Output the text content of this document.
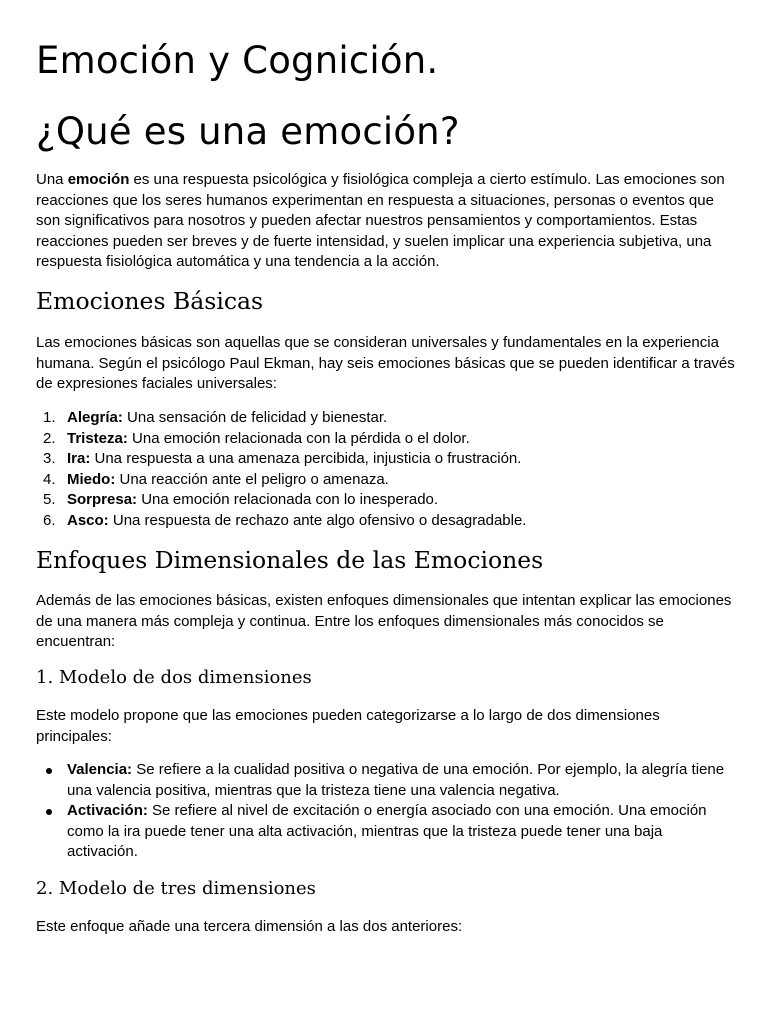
Emoción y Cognición.
¿Qué es una emoción?

Una emoción es una respuesta psicológica y fisiológica compleja a cierto estímulo. Las emociones son reacciones que los seres humanos experimentan en respuesta a situaciones, personas o eventos que son significativos para nosotros y pueden afectar nuestros pensamientos y comportamientos. Estas reacciones pueden ser breves y de fuerte intensidad, y suelen implicar una experiencia subjetiva, una respuesta fisiológica automática y una tendencia a la acción.

Emociones Básicas

Las emociones básicas son aquellas que se consideran universales y fundamentales en la experiencia humana. Según el psicólogo Paul Ekman, hay seis emociones básicas que se pueden identificar a través de expresiones faciales universales:

1. Alegría: Una sensación de felicidad y bienestar.
2. Tristeza: Una emoción relacionada con la pérdida o el dolor.
3. Ira: Una respuesta a una amenaza percibida, injusticia o frustración.
4. Miedo: Una reacción ante el peligro o amenaza.
5. Sorpresa: Una emoción relacionada con lo inesperado.
6. Asco: Una respuesta de rechazo ante algo ofensivo o desagradable.
Enfoques Dimensionales de las Emociones

Además de las emociones básicas, existen enfoques dimensionales que intentan explicar las emociones de una manera más compleja y continua. Entre los enfoques dimensionales más conocidos se encuentran:

1. Modelo de dos dimensiones

Este modelo propone que las emociones pueden categorizarse a lo largo de dos dimensiones principales:

Valencia: Se refiere a la cualidad positiva o negativa de una emoción. Por ejemplo, la alegría tiene una valencia positiva, mientras que la tristeza tiene una valencia negativa.
Activación: Se refiere al nivel de excitación o energía asociado con una emoción. Una emoción como la ira puede tener una alta activación, mientras que la tristeza puede tener una baja activación.
2. Modelo de tres dimensiones

Este enfoque añade una tercera dimensión a las dos anteriores:
